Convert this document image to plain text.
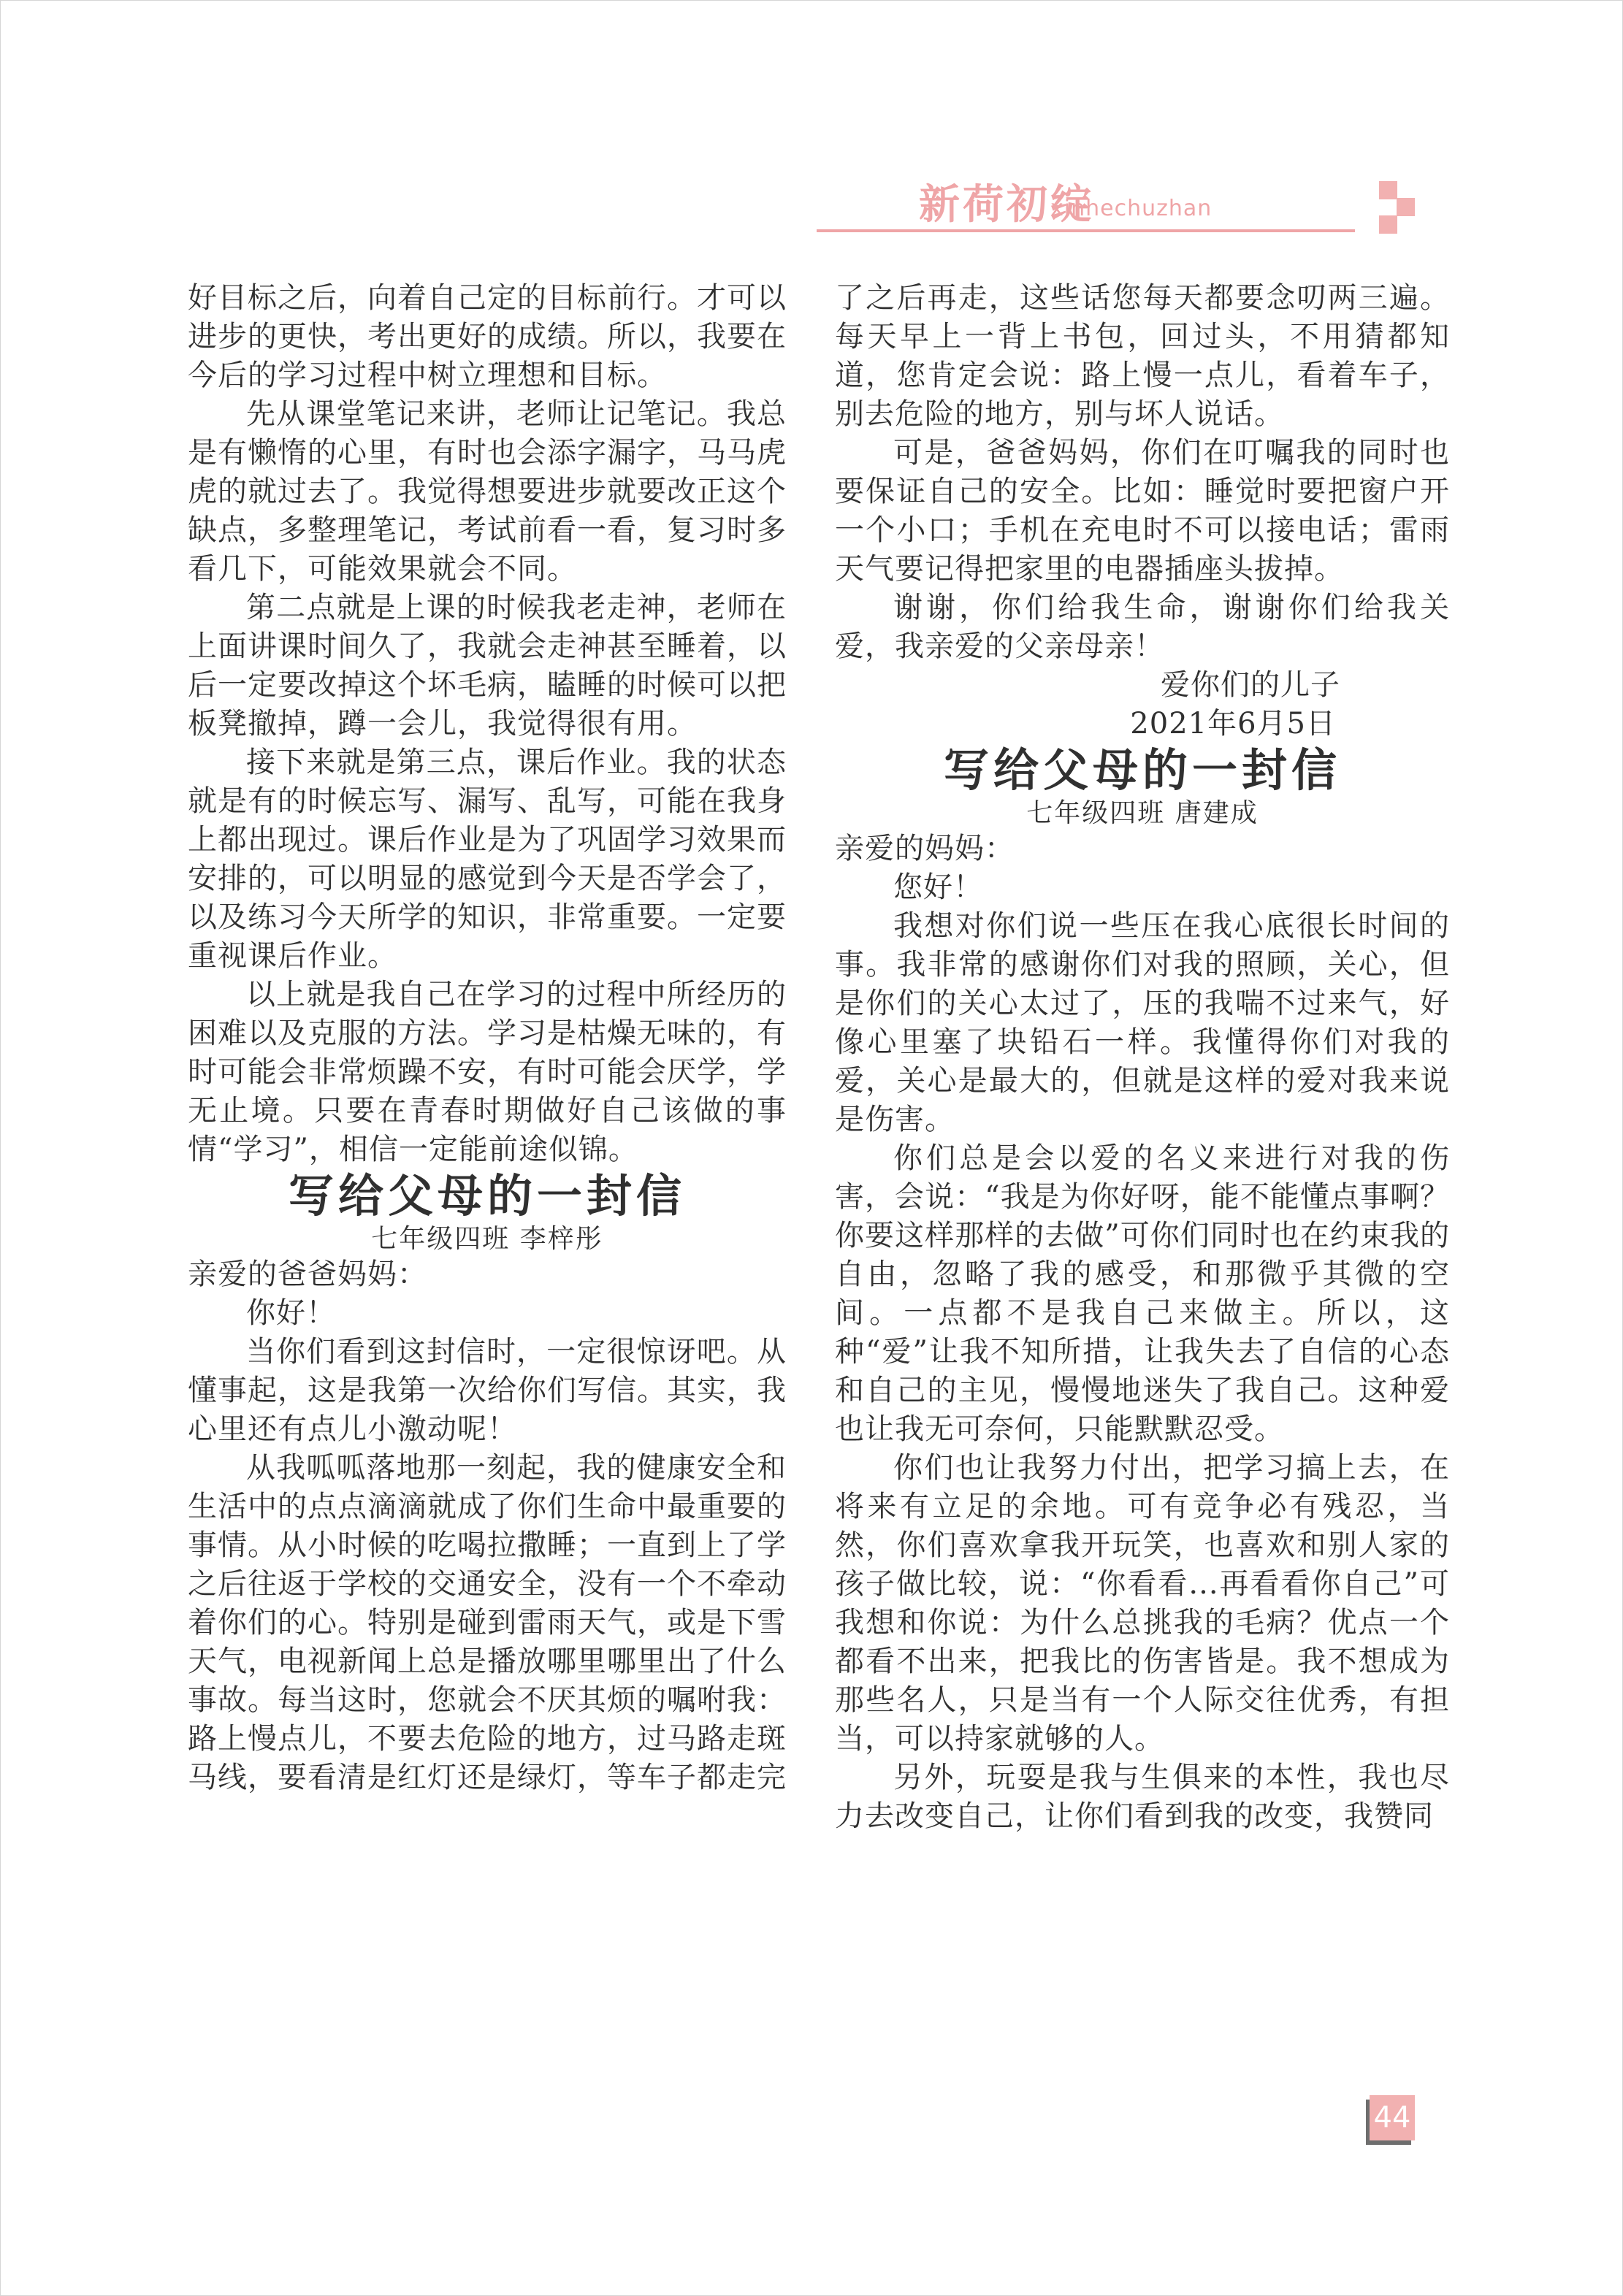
新荷初绽
xinhechuzhan

好目标之后，向着自己定的目标前行。才可以进步的更快，考出更好的成绩。所以，我要在今后的学习过程中树立理想和目标。

先从课堂笔记来讲，老师让记笔记。我总是有懒惰的心里，有时也会添字漏字，马马虎虎的就过去了。我觉得想要进步就要改正这个缺点，多整理笔记，考试前看一看，复习时多看几下，可能效果就会不同。

第二点就是上课的时候我老走神，老师在上面讲课时间久了，我就会走神甚至睡着，以后一定要改掉这个坏毛病，瞌睡的时候可以把板凳撤掉，蹲一会儿，我觉得很有用。

接下来就是第三点，课后作业。我的状态就是有的时候忘写、漏写、乱写，可能在我身上都出现过。课后作业是为了巩固学习效果而安排的，可以明显的感觉到今天是否学会了，以及练习今天所学的知识，非常重要。一定要重视课后作业。

以上就是我自己在学习的过程中所经历的困难以及克服的方法。学习是枯燥无味的，有时可能会非常烦躁不安，有时可能会厌学，学无止境。只要在青春时期做好自己该做的事情“学习”，相信一定能前途似锦。

写给父母的一封信

七年级四班 李梓彤

亲爱的爸爸妈妈：

你好！

当你们看到这封信时，一定很惊讶吧。从懂事起，这是我第一次给你们写信。其实，我心里还有点儿小激动呢！

从我呱呱落地那一刻起，我的健康安全和生活中的点点滴滴就成了你们生命中最重要的事情。从小时候的吃喝拉撒睡；一直到上了学之后往返于学校的交通安全，没有一个不牵动着你们的心。特别是碰到雷雨天气，或是下雪天气，电视新闻上总是播放哪里哪里出了什么事故。每当这时，您就会不厌其烦的嘱咐我：路上慢点儿，不要去危险的地方，过马路走斑马线，要看清是红灯还是绿灯，等车子都走完

了之后再走，这些话您每天都要念叨两三遍。每天早上一背上书包，回过头，不用猜都知道，您肯定会说：路上慢一点儿，看着车子，别去危险的地方，别与坏人说话。

可是，爸爸妈妈，你们在叮嘱我的同时也要保证自己的安全。比如：睡觉时要把窗户开一个小口；手机在充电时不可以接电话；雷雨天气要记得把家里的电器插座头拔掉。

谢谢，你们给我生命，谢谢你们给我关爱，我亲爱的父亲母亲！

爱你们的儿子

2021年6月5日

写给父母的一封信

七年级四班 唐建成

亲爱的妈妈：

您好！

我想对你们说一些压在我心底很长时间的事。我非常的感谢你们对我的照顾，关心，但是你们的关心太过了，压的我喘不过来气，好像心里塞了块铅石一样。我懂得你们对我的爱，关心是最大的，但就是这样的爱对我来说是伤害。

你们总是会以爱的名义来进行对我的伤害，会说：“我是为你好呀，能不能懂点事啊？你要这样那样的去做”可你们同时也在约束我的自由，忽略了我的感受，和那微乎其微的空间。一点都不是我自己来做主。所以，这种“爱”让我不知所措，让我失去了自信的心态和自己的主见，慢慢地迷失了我自己。这种爱也让我无可奈何，只能默默忍受。

你们也让我努力付出，把学习搞上去，在将来有立足的余地。可有竞争必有残忍，当然，你们喜欢拿我开玩笑，也喜欢和别人家的孩子做比较，说：“你看看...再看看你自己”可我想和你说：为什么总挑我的毛病？优点一个都看不出来，把我比的伤害皆是。我不想成为那些名人，只是当有一个人际交往优秀，有担当，可以持家就够的人。

另外，玩耍是我与生俱来的本性，我也尽力去改变自己，让你们看到我的改变，我赞同

44
